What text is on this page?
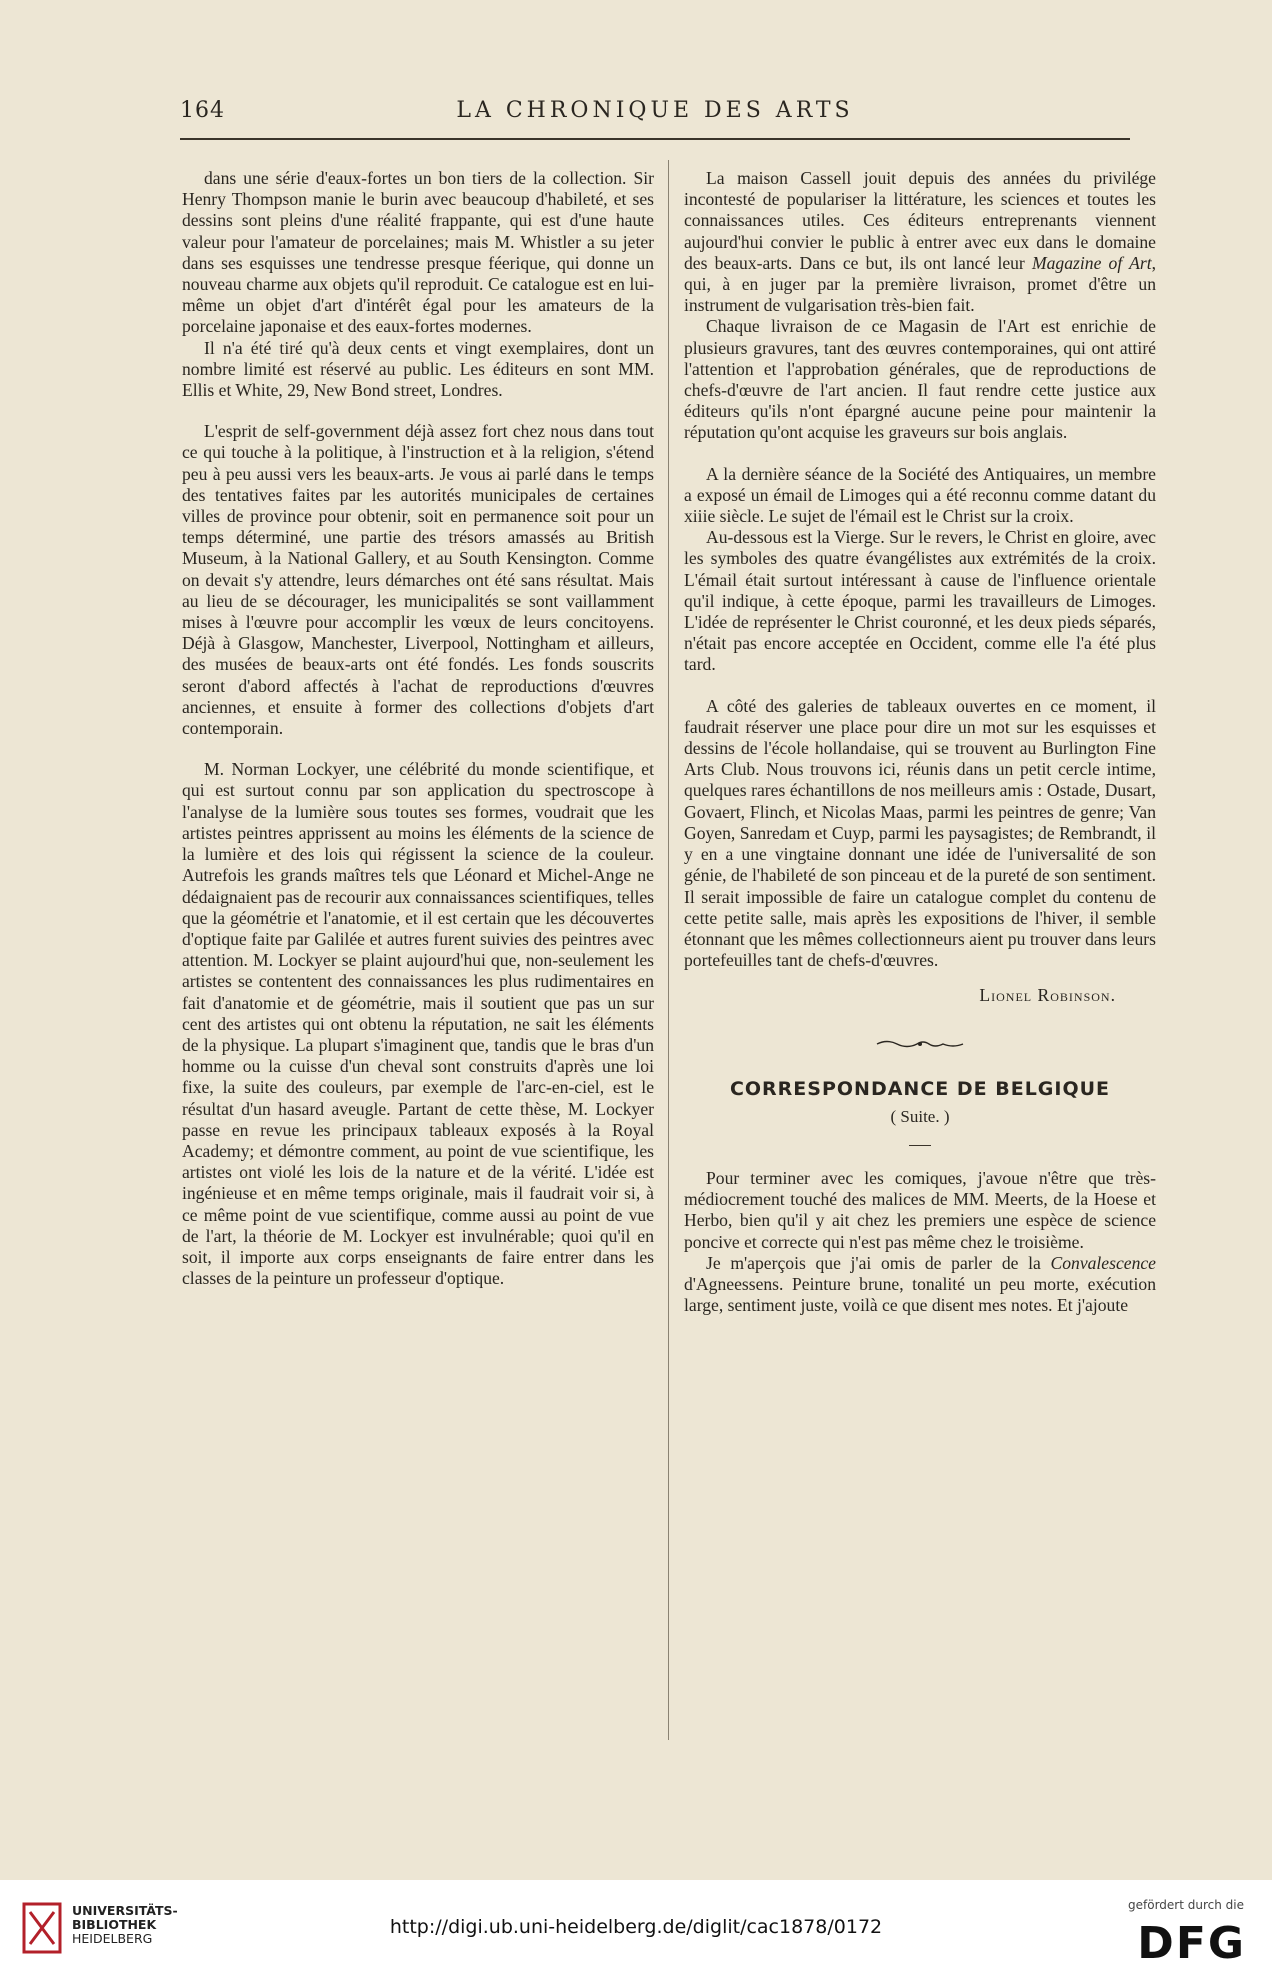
164	LA CHRONIQUE DES ARTS

dans une série d'eaux-fortes un bon tiers de la collection. Sir Henry Thompson manie le burin avec beaucoup d'habileté, et ses dessins sont pleins d'une réalité frappante, qui est d'une haute valeur pour l'amateur de porcelaines; mais M. Whistler a su jeter dans ses esquisses une tendresse presque féerique, qui donne un nouveau charme aux objets qu'il reproduit. Ce catalogue est en lui-même un objet d'art d'intérêt égal pour les amateurs de la porcelaine japonaise et des eaux-fortes modernes.

Il n'a été tiré qu'à deux cents et vingt exemplaires, dont un nombre limité est réservé au public. Les éditeurs en sont MM. Ellis et White, 29, New Bond street, Londres.

L'esprit de self-government déjà assez fort chez nous dans tout ce qui touche à la politique, à l'instruction et à la religion, s'étend peu à peu aussi vers les beaux-arts. Je vous ai parlé dans le temps des tentatives faites par les autorités municipales de certaines villes de province pour obtenir, soit en permanence soit pour un temps déterminé, une partie des trésors amassés au British Museum, à la National Gallery, et au South Kensington. Comme on devait s'y attendre, leurs démarches ont été sans résultat. Mais au lieu de se décourager, les municipalités se sont vaillamment mises à l'œuvre pour accomplir les vœux de leurs concitoyens. Déjà à Glasgow, Manchester, Liverpool, Nottingham et ailleurs, des musées de beaux-arts ont été fondés. Les fonds souscrits seront d'abord affectés à l'achat de reproductions d'œuvres anciennes, et ensuite à former des collections d'objets d'art contemporain.

M. Norman Lockyer, une célébrité du monde scientifique, et qui est surtout connu par son application du spectroscope à l'analyse de la lumière sous toutes ses formes, voudrait que les artistes peintres apprissent au moins les éléments de la science de la lumière et des lois qui régissent la science de la couleur. Autrefois les grands maîtres tels que Léonard et Michel-Ange ne dédaignaient pas de recourir aux connaissances scientifiques, telles que la géométrie et l'anatomie, et il est certain que les découvertes d'optique faite par Galilée et autres furent suivies des peintres avec attention. M. Lockyer se plaint aujourd'hui que, non-seulement les artistes se contentent des connaissances les plus rudimentaires en fait d'anatomie et de géométrie, mais il soutient que pas un sur cent des artistes qui ont obtenu la réputation, ne sait les éléments de la physique. La plupart s'imaginent que, tandis que le bras d'un homme ou la cuisse d'un cheval sont construits d'après une loi fixe, la suite des couleurs, par exemple de l'arc-en-ciel, est le résultat d'un hasard aveugle. Partant de cette thèse, M. Lockyer passe en revue les principaux tableaux exposés à la Royal Academy; et démontre comment, au point de vue scientifique, les artistes ont violé les lois de la nature et de la vérité. L'idée est ingénieuse et en même temps originale, mais il faudrait voir si, à ce même point de vue scientifique, comme aussi au point de vue de l'art, la théorie de M. Lockyer est invulnérable; quoi qu'il en soit, il importe aux corps enseignants de faire entrer dans les classes de la peinture un professeur d'optique.

La maison Cassell jouit depuis des années du privilége incontesté de populariser la littérature, les sciences et toutes les connaissances utiles. Ces éditeurs entreprenants viennent aujourd'hui convier le public à entrer avec eux dans le domaine des beaux-arts. Dans ce but, ils ont lancé leur Magazine of Art, qui, à en juger par la première livraison, promet d'être un instrument de vulgarisation très-bien fait.

Chaque livraison de ce Magasin de l'Art est enrichie de plusieurs gravures, tant des œuvres contemporaines, qui ont attiré l'attention et l'approbation générales, que de reproductions de chefs-d'œuvre de l'art ancien. Il faut rendre cette justice aux éditeurs qu'ils n'ont épargné aucune peine pour maintenir la réputation qu'ont acquise les graveurs sur bois anglais.

A la dernière séance de la Société des Antiquaires, un membre a exposé un émail de Limoges qui a été reconnu comme datant du xiiie siècle. Le sujet de l'émail est le Christ sur la croix.

Au-dessous est la Vierge. Sur le revers, le Christ en gloire, avec les symboles des quatre évangélistes aux extrémités de la croix. L'émail était surtout intéressant à cause de l'influence orientale qu'il indique, à cette époque, parmi les travailleurs de Limoges. L'idée de représenter le Christ couronné, et les deux pieds séparés, n'était pas encore acceptée en Occident, comme elle l'a été plus tard.

A côté des galeries de tableaux ouvertes en ce moment, il faudrait réserver une place pour dire un mot sur les esquisses et dessins de l'école hollandaise, qui se trouvent au Burlington Fine Arts Club. Nous trouvons ici, réunis dans un petit cercle intime, quelques rares échantillons de nos meilleurs amis : Ostade, Dusart, Govaert, Flinch, et Nicolas Maas, parmi les peintres de genre; Van Goyen, Sanredam et Cuyp, parmi les paysagistes; de Rembrandt, il y en a une vingtaine donnant une idée de l'universalité de son génie, de l'habileté de son pinceau et de la pureté de son sentiment. Il serait impossible de faire un catalogue complet du contenu de cette petite salle, mais après les expositions de l'hiver, il semble étonnant que les mêmes collectionneurs aient pu trouver dans leurs portefeuilles tant de chefs-d'œuvres.

Lionel Robinson.

CORRESPONDANCE DE BELGIQUE
( Suite. )

Pour terminer avec les comiques, j'avoue n'être que très-médiocrement touché des malices de MM. Meerts, de la Hoese et Herbo, bien qu'il y ait chez les premiers une espèce de science poncive et correcte qui n'est pas même chez le troisième.

Je m'aperçois que j'ai omis de parler de la Convalescence d'Agneessens. Peinture brune, tonalité un peu morte, exécution large, sentiment juste, voilà ce que disent mes notes. Et j'ajoute

UNIVERSITÄTS-
BIBLIOTHEK
HEIDELBERG
http://digi.ub.uni-heidelberg.de/diglit/cac1878/0172
gefördert durch die
DFG
